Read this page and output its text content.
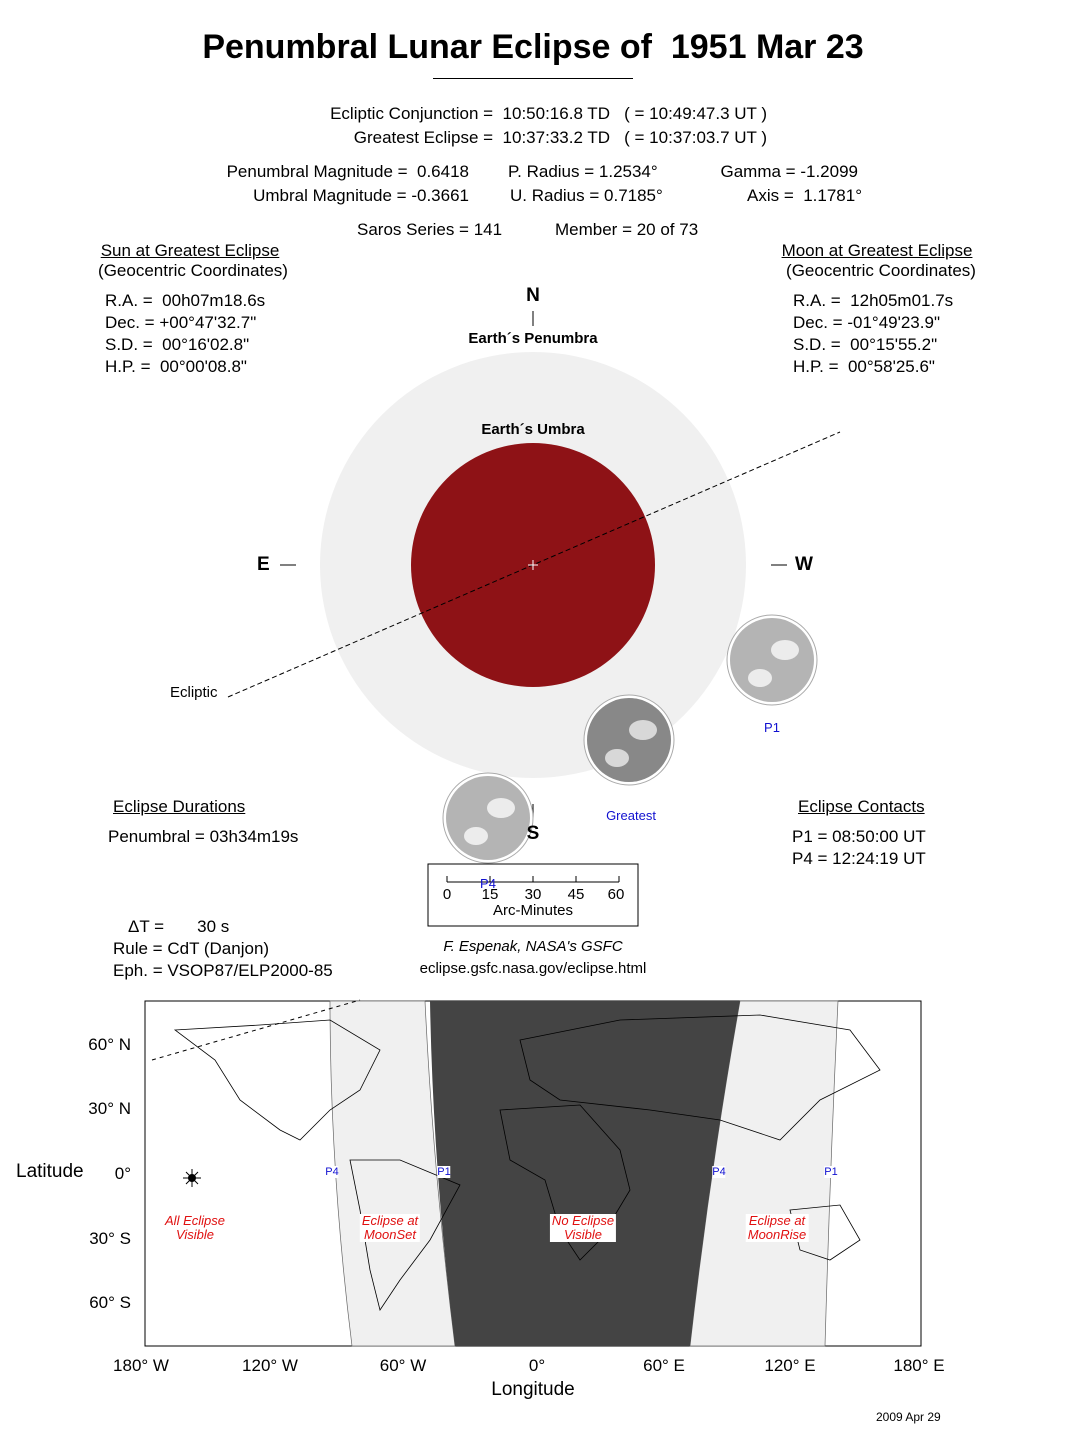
Penumbral Lunar Eclipse of  1951 Mar 23
Ecliptic Conjunction =  10:50:16.8 TD   ( = 10:49:47.3 UT )
Greatest Eclipse =  10:37:33.2 TD   ( = 10:37:03.7 UT )
Penumbral Magnitude =  0.6418
Umbral Magnitude = -0.3661
P. Radius = 1.2534°
U. Radius = 0.7185°
Gamma = -1.2099
Axis =  1.1781°
Saros Series = 141	Member = 20 of 73
Sun at Greatest Eclipse
(Geocentric Coordinates)
R.A. =  00h07m18.6s
Dec. = +00°47'32.7"
S.D. =  00°16'02.8"
H.P. =  00°00'08.8"
Moon at Greatest Eclipse
(Geocentric Coordinates)
R.A. =  12h05m01.7s
Dec. = -01°49'23.9"
S.D. =  00°15'55.2"
H.P. =  00°58'25.6"
N
S
E	W
Earth´s Penumbra
Earth´s Umbra
Ecliptic
P1
Greatest
P4
Eclipse Durations
Penumbral = 03h34m19s
Eclipse Contacts
P1 = 08:50:00 UT
P4 = 12:24:19 UT
0 15 30 45 60
Arc-Minutes
ΔT =       30 s
Rule = CdT (Danjon)
Eph. = VSOP87/ELP2000-85
F. Espenak, NASA's GSFC
eclipse.gsfc.nasa.gov/eclipse.html
Latitude
Longitude
60° N
30° N
0°
30° S
60° S
180° W	120° W	60° W	0°	60° E	120° E	180° E
All Eclipse
Visible
Eclipse at
MoonSet
No Eclipse
Visible
Eclipse at
MoonRise
P4	P1	P4	P1
2009 Apr 29
